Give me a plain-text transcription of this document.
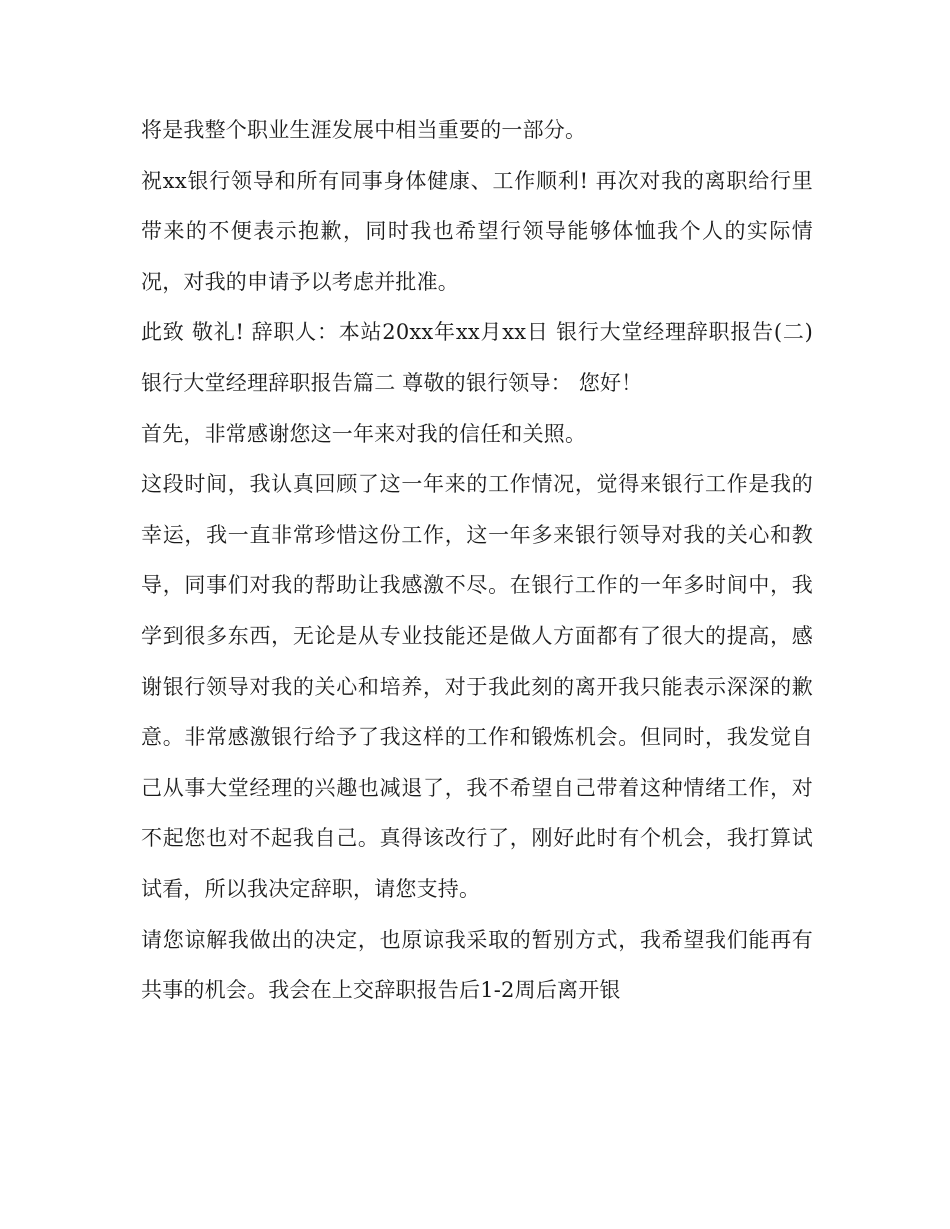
将是我整个职业生涯发展中相当重要的一部分。

祝xx银行领导和所有同事身体健康、工作顺利! 再次对我的离职给行里带来的不便表示抱歉，同时我也希望行领导能够体恤我个人的实际情况，对我的申请予以考虑并批准。

此致 敬礼! 辞职人：本站20xx年xx月xx日 银行大堂经理辞职报告(二) 银行大堂经理辞职报告篇二 尊敬的银行领导： 您好！

首先，非常感谢您这一年来对我的信任和关照。

这段时间，我认真回顾了这一年来的工作情况，觉得来银行工作是我的幸运，我一直非常珍惜这份工作，这一年多来银行领导对我的关心和教导，同事们对我的帮助让我感激不尽。在银行工作的一年多时间中，我学到很多东西，无论是从专业技能还是做人方面都有了很大的提高，感谢银行领导对我的关心和培养，对于我此刻的离开我只能表示深深的歉意。非常感激银行给予了我这样的工作和锻炼机会。但同时，我发觉自己从事大堂经理的兴趣也减退了，我不希望自己带着这种情绪工作，对不起您也对不起我自己。真得该改行了，刚好此时有个机会，我打算试试看，所以我决定辞职，请您支持。

请您谅解我做出的决定，也原谅我采取的暂别方式，我希望我们能再有共事的机会。我会在上交辞职报告后1-2周后离开银
